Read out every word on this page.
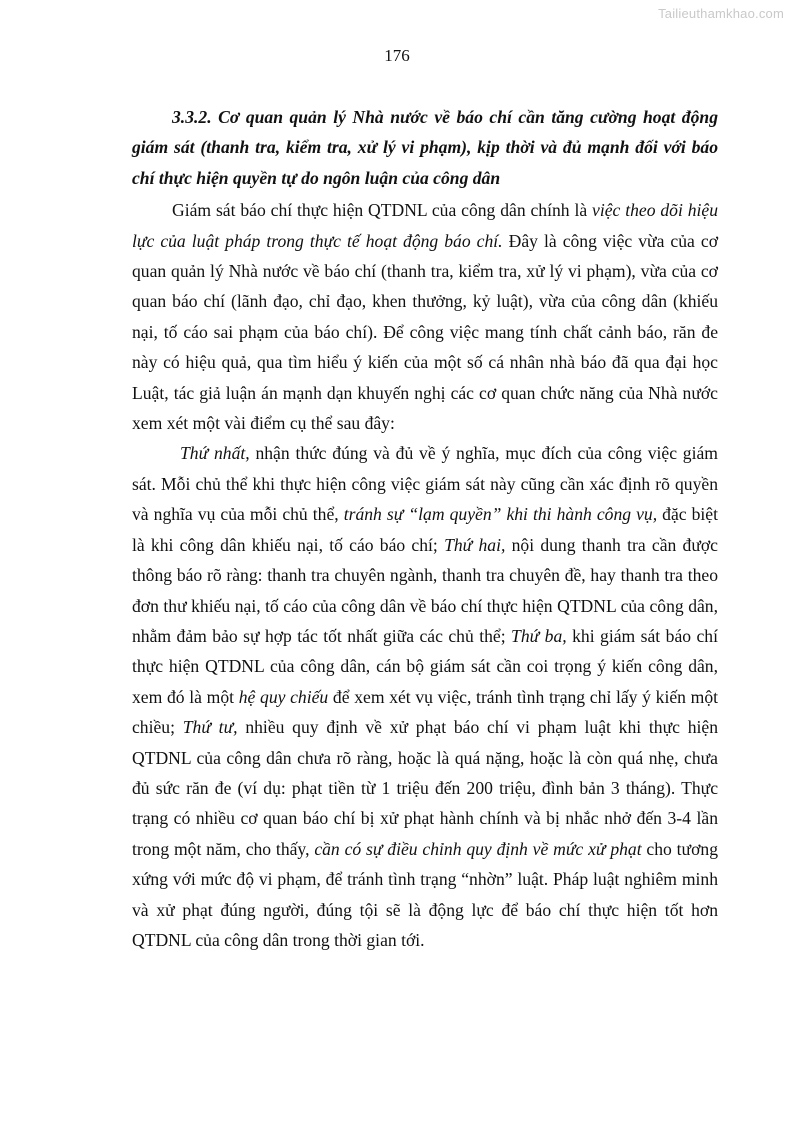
Tailieuthamkhao.com
176

3.3.2. Cơ quan quản lý Nhà nước về báo chí cần tăng cường hoạt động giám sát (thanh tra, kiểm tra, xử lý vi phạm), kịp thời và đủ mạnh đối với báo chí thực hiện quyền tự do ngôn luận của công dân

Giám sát báo chí thực hiện QTDNL của công dân chính là việc theo dõi hiệu lực của luật pháp trong thực tế hoạt động báo chí. Đây là công việc vừa của cơ quan quản lý Nhà nước về báo chí (thanh tra, kiểm tra, xử lý vi phạm), vừa của cơ quan báo chí (lãnh đạo, chỉ đạo, khen thưởng, kỷ luật), vừa của công dân (khiếu nại, tố cáo sai phạm của báo chí). Để công việc mang tính chất cảnh báo, răn đe này có hiệu quả, qua tìm hiểu ý kiến của một số cá nhân nhà báo đã qua đại học Luật, tác giả luận án mạnh dạn khuyến nghị các cơ quan chức năng của Nhà nước xem xét một vài điểm cụ thể sau đây:

Thứ nhất, nhận thức đúng và đủ về ý nghĩa, mục đích của công việc giám sát. Mỗi chủ thể khi thực hiện công việc giám sát này cũng cần xác định rõ quyền và nghĩa vụ của mỗi chủ thể, tránh sự “lạm quyền” khi thi hành công vụ, đặc biệt là khi công dân khiếu nại, tố cáo báo chí; Thứ hai, nội dung thanh tra cần được thông báo rõ ràng: thanh tra chuyên ngành, thanh tra chuyên đề, hay thanh tra theo đơn thư khiếu nại, tố cáo của công dân về báo chí thực hiện QTDNL của công dân, nhằm đảm bảo sự hợp tác tốt nhất giữa các chủ thể; Thứ ba, khi giám sát báo chí thực hiện QTDNL của công dân, cán bộ giám sát cần coi trọng ý kiến công dân, xem đó là một hệ quy chiếu để xem xét vụ việc, tránh tình trạng chỉ lấy ý kiến một chiều; Thứ tư, nhiều quy định về xử phạt báo chí vi phạm luật khi thực hiện QTDNL của công dân chưa rõ ràng, hoặc là quá nặng, hoặc là còn quá nhẹ, chưa đủ sức răn đe (ví dụ: phạt tiền từ 1 triệu đến 200 triệu, đình bản 3 tháng). Thực trạng có nhiều cơ quan báo chí bị xử phạt hành chính và bị nhắc nhở đến 3-4 lần trong một năm, cho thấy, cần có sự điều chỉnh quy định về mức xử phạt cho tương xứng với mức độ vi phạm, để tránh tình trạng “nhờn” luật. Pháp luật nghiêm minh và xử phạt đúng người, đúng tội sẽ là động lực để báo chí thực hiện tốt hơn QTDNL của công dân trong thời gian tới.
